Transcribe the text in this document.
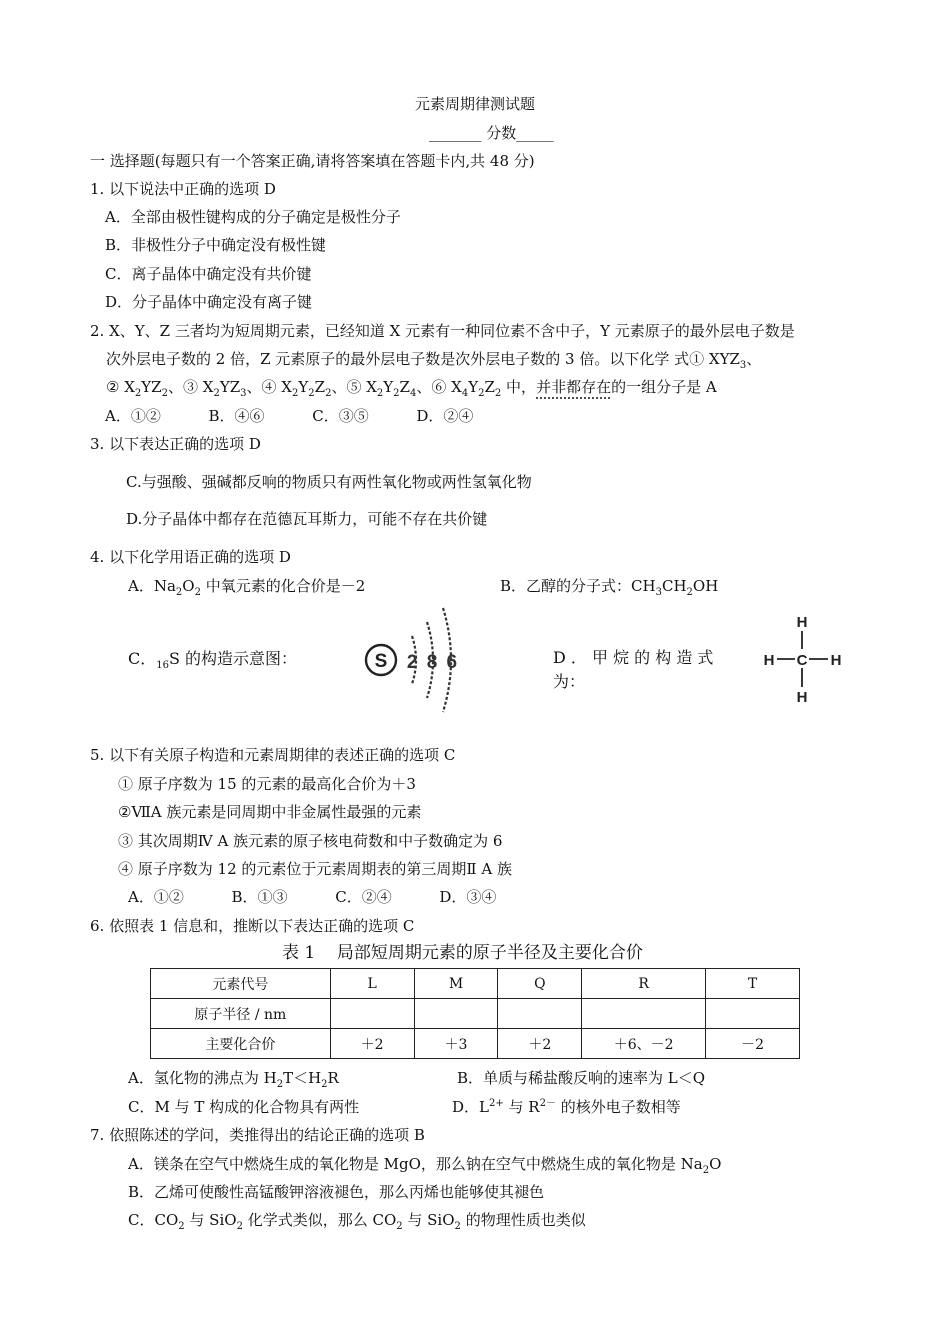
元素周期律测试题
_______ 分数_____
一 选择题(每题只有一个答案正确,请将答案填在答题卡内,共 48 分)
1. 以下说法中正确的选项 D
A．全部由极性键构成的分子确定是极性分子
B．非极性分子中确定没有极性键
C．离子晶体中确定没有共价键
D．分子晶体中确定没有离子键
2. X、Y、Z 三者均为短周期元素，已经知道 X 元素有一种同位素不含中子，Y 元素原子的最外层电子数是
次外层电子数的 2 倍，Z 元素原子的最外层电子数是次外层电子数的 3 倍。以下化学 式① $XYZ_3$、
② $X_2YZ_2$、③ $X_2YZ_3$、④ $X_2Y_2Z_2$、⑤ $X_2Y_2Z_4$、⑥ $X_4Y_2Z_2$ 中，并非都存在的一组分子是 A
A．①②          B．④⑥          C．③⑤          D．②④
3. 以下表达正确的选项 D
C.与强酸、强碱都反响的物质只有两性氧化物或两性氢氧化物
D.分子晶体中都存在范德瓦耳斯力，可能不存在共价键
4. 以下化学用语正确的选项 D
A．$Na_2O_2$ 中氧元素的化合价是－2	B．乙醇的分子式：$CH_3CH_2OH$
C．$_{16}$S 的构造示意图：	S 2 8 6	D ． 甲 烷 的 构 造 式
为：
H
H C H
H
5. 以下有关原子构造和元素周期律的表述正确的选项 C
① 原子序数为 15 的元素的最高化合价为＋3
②ⅦA 族元素是同周期中非金属性最强的元素
③ 其次周期Ⅳ A 族元素的原子核电荷数和中子数确定为 6
④ 原子序数为 12 的元素位于元素周期表的第三周期Ⅱ A 族
A．①②          B．①③          C．②④          D．③④
6. 依照表 1 信息和，推断以下表达正确的选项 C
表 1    局部短周期元素的原子半径及主要化合价
元素代号	L	M	Q	R	T
原子半径 / nm					
主要化合价	＋2	＋3	＋2	＋6、－2	－2
A．氢化物的沸点为 $H_2T<H_2R$	B．单质与稀盐酸反响的速率为 L＜Q
C．M 与 T 构成的化合物具有两性	D．$L^{2+}$ 与 $R^{2-}$ 的核外电子数相等
7. 依照陈述的学问，类推得出的结论正确的选项 B
A．镁条在空气中燃烧生成的氧化物是 MgO，那么钠在空气中燃烧生成的氧化物是 $Na_2O$
B．乙烯可使酸性高锰酸钾溶液褪色，那么丙烯也能够使其褪色
C．$CO_2$ 与 SiO$_2$ 化学式类似，那么 $CO_2$ 与 SiO$_2$ 的物理性质也类似
